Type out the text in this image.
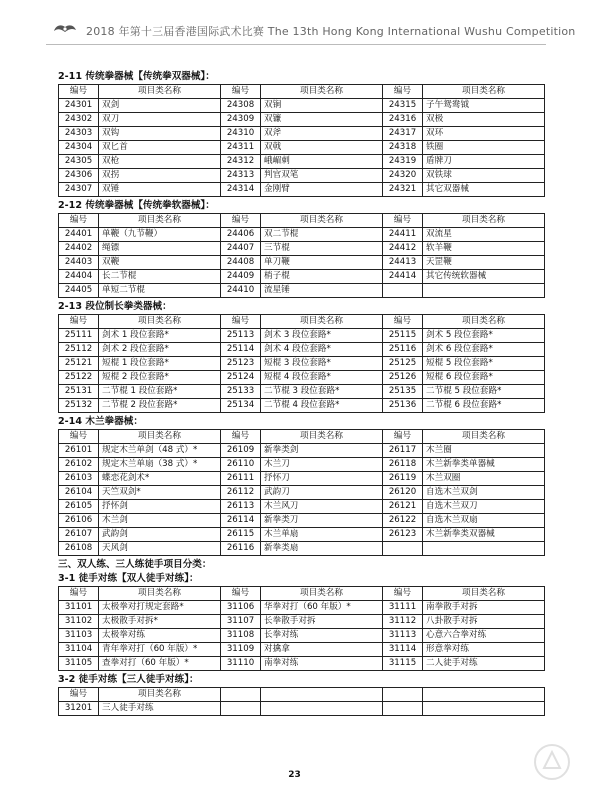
2018 年第十三届香港国际武术比赛 The 13th Hong Kong International Wushu Competition
2-11 传统拳器械【传统拳双器械】：
编号	项目类名称	编号	项目类名称	编号	项目类名称
24301	双剑	24308	双锏	24315	子午鸳鸯钺
24302	双刀	24309	双镰	24316	双极
24303	双钩	24310	双斧	24317	双环
24304	双匕首	24311	双戟	24318	铁圈
24305	双枪	24312	峨嵋刺	24319	盾牌刀
24306	双拐	24313	判官双笔	24320	双铁球
24307	双锤	24314	金刚臂	24321	其它双器械
2-12 传统拳器械【传统拳软器械】：
编号	项目类名称	编号	项目类名称	编号	项目类名称
24401	单鞭（九节鞭）	24406	双二节棍	24411	双流星
24402	绳镖	24407	三节棍	24412	软羊鞭
24403	双鞭	24408	单刀鞭	24413	天罡鞭
24404	长二节棍	24409	梢子棍	24414	其它传统软器械
24405	单短二节棍	24410	流星锤		
2-13 段位制长拳类器械：
编号	项目类名称	编号	项目类名称	编号	项目类名称
25111	剑术 1 段位套路*	25113	剑术 3 段位套路*	25115	剑术 5 段位套路*
25112	剑术 2 段位套路*	25114	剑术 4 段位套路*	25116	剑术 6 段位套路*
25121	短棍 1 段位套路*	25123	短棍 3 段位套路*	25125	短棍 5 段位套路*
25122	短棍 2 段位套路*	25124	短棍 4 段位套路*	25126	短棍 6 段位套路*
25131	二节棍 1 段位套路*	25133	二节棍 3 段位套路*	25135	二节棍 5 段位套路*
25132	二节棍 2 段位套路*	25134	二节棍 4 段位套路*	25136	二节棍 6 段位套路*
2-14 木兰拳器械：
编号	项目类名称	编号	项目类名称	编号	项目类名称
26101	规定木兰单剑（48 式）*	26109	新拳类剑	26117	木兰圈
26102	规定木兰单扇（38 式）*	26110	木兰刀	26118	木兰新拳类单器械
26103	蝶恋花剑术*	26111	抒怀刀	26119	木兰双圈
26104	天竺双剑*	26112	武韵刀	26120	自选木兰双剑
26105	抒怀剑	26113	木兰风刀	26121	自选木兰双刀
26106	木兰剑	26114	新拳类刀	26122	自选木兰双扇
26107	武韵剑	26115	木兰单扇	26123	木兰新拳类双器械
26108	天风剑	26116	新拳类扇		
三、双人练、三人练徒手项目分类：
3-1 徒手对练【双人徒手对练】：
编号	项目类名称	编号	项目类名称	编号	项目类名称
31101	太极拳对打规定套路*	31106	华拳对打（60 年版）*	31111	南拳散手对拆
31102	太极散手对拆*	31107	长拳散手对拆	31112	八卦散手对拆
31103	太极拳对练	31108	长拳对练	31113	心意六合拳对练
31104	青年拳对打（60 年版）*	31109	对擒拿	31114	形意拳对练
31105	查拳对打（60 年版）*	31110	南拳对练	31115	二人徒手对练
3-2 徒手对练【三人徒手对练】：
编号	项目类名称				
31201	三人徒手对练				
23
